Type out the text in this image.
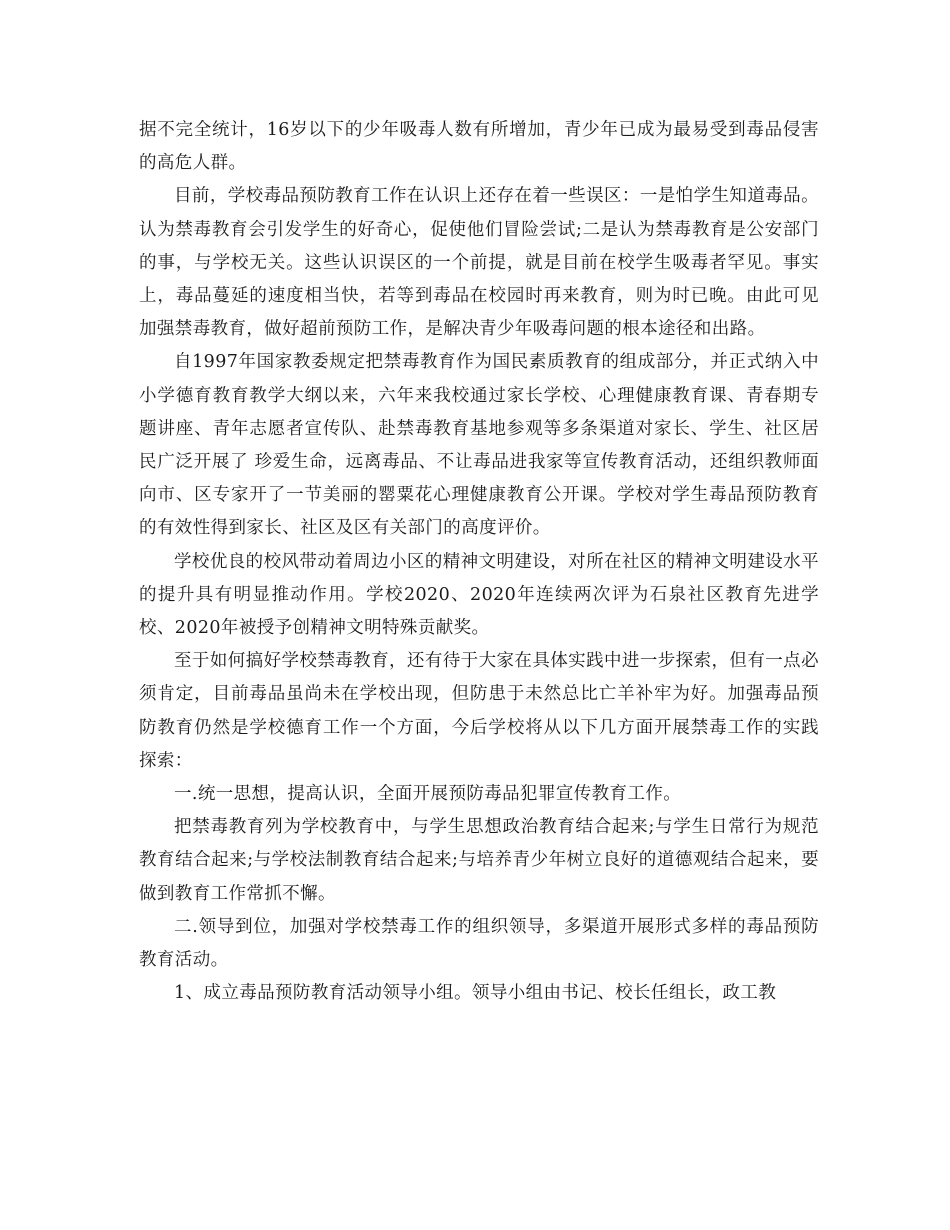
据不完全统计，16岁以下的少年吸毒人数有所增加，青少年已成为最易受到毒品侵害的高危人群。

目前，学校毒品预防教育工作在认识上还存在着一些误区：一是怕学生知道毒品。认为禁毒教育会引发学生的好奇心，促使他们冒险尝试;二是认为禁毒教育是公安部门的事，与学校无关。这些认识误区的一个前提，就是目前在校学生吸毒者罕见。事实上，毒品蔓延的速度相当快，若等到毒品在校园时再来教育，则为时已晚。由此可见加强禁毒教育，做好超前预防工作，是解决青少年吸毒问题的根本途径和出路。

自1997年国家教委规定把禁毒教育作为国民素质教育的组成部分，并正式纳入中小学德育教育教学大纲以来，六年来我校通过家长学校、心理健康教育课、青春期专题讲座、青年志愿者宣传队、赴禁毒教育基地参观等多条渠道对家长、学生、社区居民广泛开展了 珍爱生命，远离毒品、不让毒品进我家等宣传教育活动，还组织教师面向市、区专家开了一节美丽的罂粟花心理健康教育公开课。学校对学生毒品预防教育的有效性得到家长、社区及区有关部门的高度评价。

学校优良的校风带动着周边小区的精神文明建设，对所在社区的精神文明建设水平的提升具有明显推动作用。学校2020、2020年连续两次评为石泉社区教育先进学校、2020年被授予创精神文明特殊贡献奖。

至于如何搞好学校禁毒教育，还有待于大家在具体实践中进一步探索，但有一点必须肯定，目前毒品虽尚未在学校出现，但防患于未然总比亡羊补牢为好。加强毒品预防教育仍然是学校德育工作一个方面，今后学校将从以下几方面开展禁毒工作的实践探索：

一.统一思想，提高认识，全面开展预防毒品犯罪宣传教育工作。

把禁毒教育列为学校教育中，与学生思想政治教育结合起来;与学生日常行为规范教育结合起来;与学校法制教育结合起来;与培养青少年树立良好的道德观结合起来，要做到教育工作常抓不懈。

二.领导到位，加强对学校禁毒工作的组织领导，多渠道开展形式多样的毒品预防教育活动。

1、成立毒品预防教育活动领导小组。领导小组由书记、校长任组长，政工教
